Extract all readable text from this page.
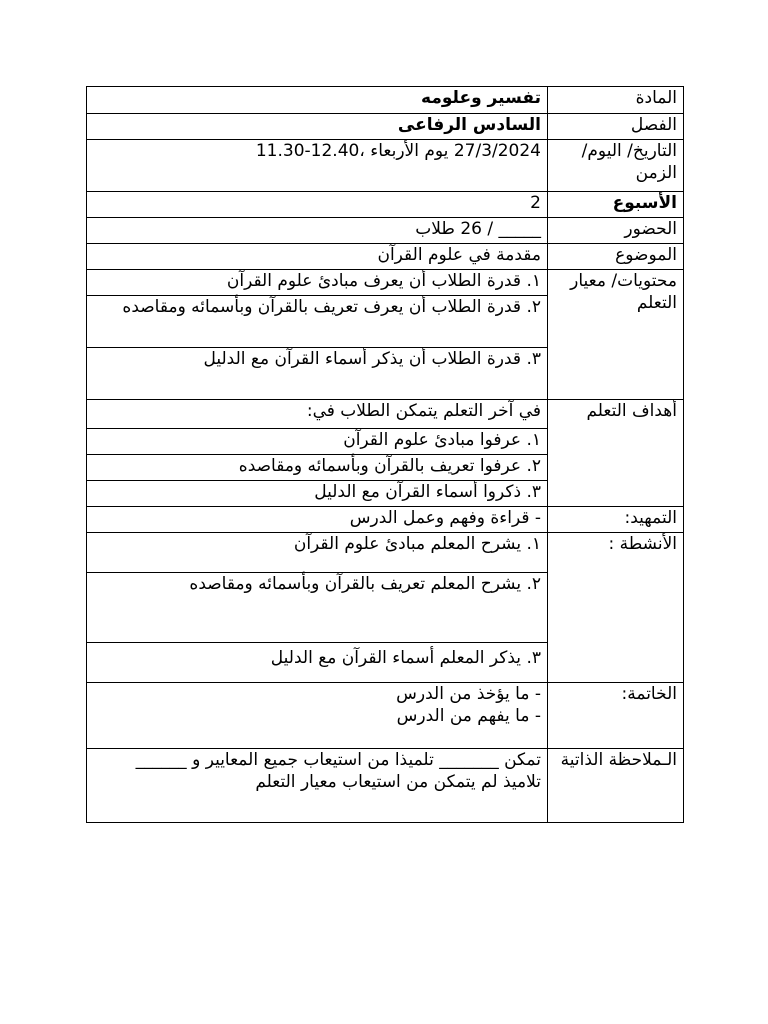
المادة	تفسير وعلومه
الفصل	السادس الرفاعى
التاريخ/ اليوم/ الزمن	27/3/2024 يوم الأربعاء ،12.40-11.30
الأسبوع	2
الحضور	_____ / 26 طلاب
الموضوع	مقدمة في علوم القرآن
محتويات/ معيار التعلم	١. قدرة الطلاب أن يعرف مبادئ علوم القرآن
	٢. قدرة الطلاب أن يعرف تعريف بالقرآن وبأسمائه ومقاصده
	٣. قدرة الطلاب أن يذكر أسماء القرآن مع الدليل
أهداف التعلم	في آخر التعلم يتمكن الطلاب في:
	١. عرفوا مبادئ علوم القرآن
	٢. عرفوا تعريف بالقرآن وبأسمائه ومقاصده
	٣. ذكروا أسماء القرآن مع الدليل
التمهيد:	- قراءة وفهم وعمل الدرس
الأنشطة :	١. يشرح المعلم مبادئ علوم القرآن
	٢. يشرح المعلم تعريف بالقرآن وبأسمائه ومقاصده
	٣. يذكر المعلم أسماء القرآن مع الدليل
الخاتمة:	- ما يؤخذ من الدرس
- ما يفهم من الدرس

الـملاحظة الذاتية	تمكن _______ تلميذا من استيعاب جميع المعايير و ______ تلاميذ لم يتمكن من استيعاب معيار التعلم
